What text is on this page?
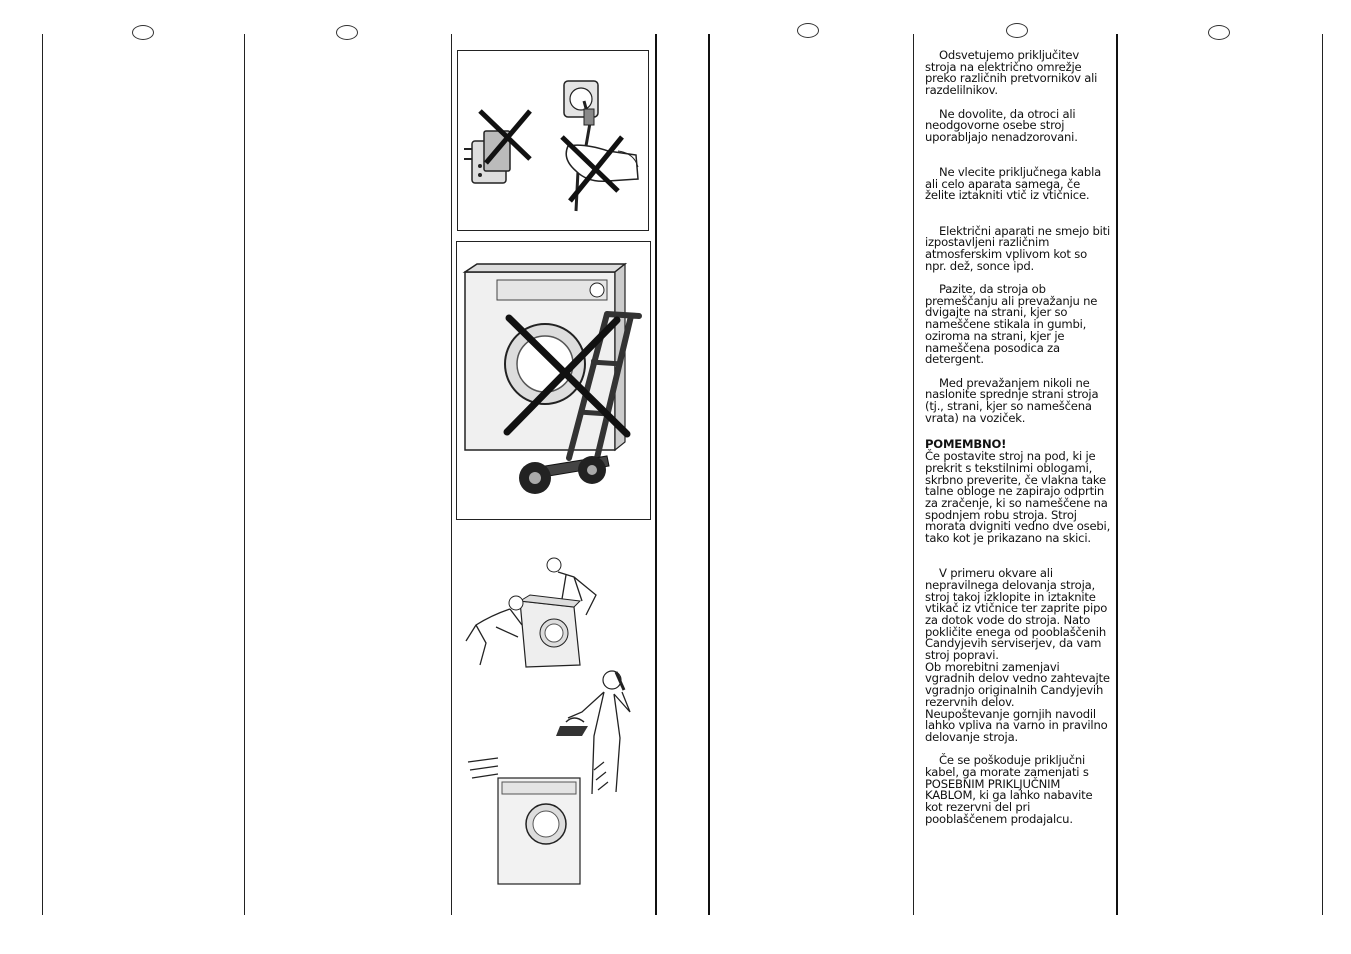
Odsvetujemo priključitev stroja na električno omrežje preko različnih pretvornikov ali razdelilnikov.

Ne dovolite, da otroci ali neodgovorne osebe stroj uporabljajo nenadzorovani.

Ne vlecite priključnega kabla ali celo aparata samega, če želite iztakniti vtič iz vtičnice.

Električni aparati ne smejo biti izpostavljeni različnim atmosferskim vplivom kot so npr. dež, sonce ipd.

Pazite, da stroja ob premeščanju ali prevažanju ne dvigajte na strani, kjer so nameščene stikala in gumbi, oziroma na strani, kjer je nameščena posodica za detergent.

Med prevažanjem nikoli ne naslonite sprednje strani stroja (tj., strani, kjer so nameščena vrata) na voziček.

POMEMBNO!

Če postavite stroj na pod, ki je prekrit s tekstilnimi oblogami, skrbno preverite, če vlakna take talne obloge ne zapirajo odprtin za zračenje, ki so nameščene na spodnjem robu stroja. Stroj morata dvigniti vedno dve osebi, tako kot je prikazano na skici.

V primeru okvare ali nepravilnega delovanja stroja, stroj takoj izklopite in iztaknite vtikač iz vtičnice ter zaprite pipo za dotok vode do stroja. Nato pokličite enega od pooblaščenih Candyjevih serviserjev, da vam stroj popravi.

Ob morebitni zamenjavi vgradnih delov vedno zahtevajte vgradnjo originalnih Candyjevih rezervnih delov.

Neupoštevanje gornjih navodil lahko vpliva na varno in pravilno delovanje stroja.

Če se poškoduje priključni kabel, ga morate zamenjati s POSEBNIM PRIKLJUČNIM KABLOM, ki ga lahko nabavite kot rezervni del pri pooblaščenem prodajalcu.
